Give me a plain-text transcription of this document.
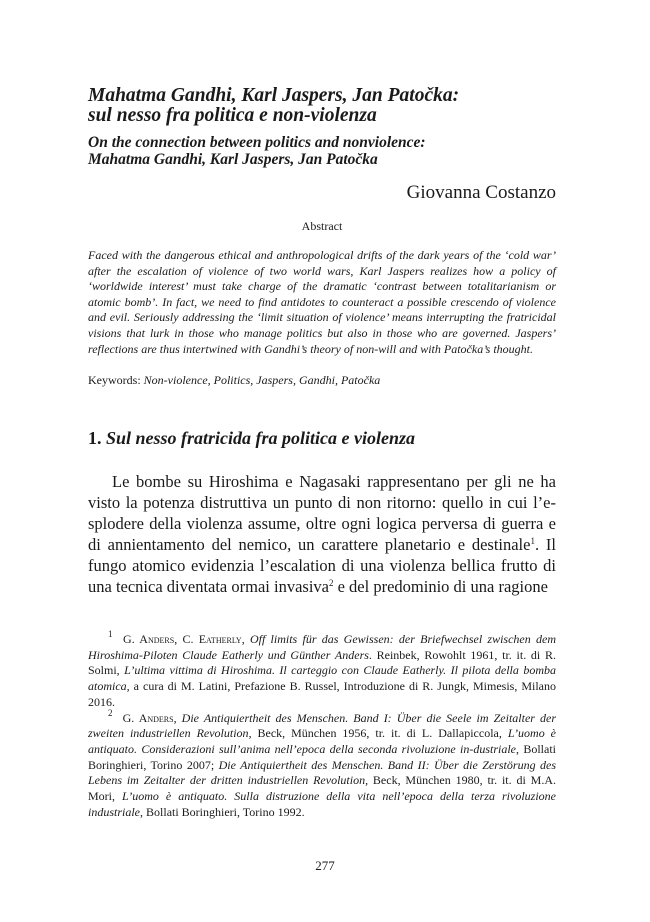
Mahatma Gandhi, Karl Jaspers, Jan Patočka:
sul nesso fra politica e non-violenza
On the connection between politics and nonviolence:
Mahatma Gandhi, Karl Jaspers, Jan Patočka
Giovanna Costanzo
Abstract

Faced with the dangerous ethical and anthropological drifts of the dark years of the ‘cold war’ after the escalation of violence of two world wars, Karl Jaspers realizes how a policy of ‘worldwide interest’ must take charge of the dramatic ‘contrast between totalitarianism or atomic bomb’. In fact, we need to find antidotes to counteract a possible crescendo of violence and evil. Seriously addressing the ‘limit situation of violence’ means interrupting the fratricidal visions that lurk in those who manage politics but also in those who are governed. Jaspers’ reflections are thus intertwined with Gandhi’s theory of non-will and with Patočka’s thought.

Keywords: Non-violence, Politics, Jaspers, Gandhi, Patočka

1. Sul nesso fratricida fra politica e violenza

Le bombe su Hiroshima e Nagasaki rappresentano per gli ne ha visto la potenza distruttiva un punto di non ritorno: quello in cui l’e-splodere della violenza assume, oltre ogni logica perversa di guerra e di annientamento del nemico, un carattere planetario e destinale$^1$. Il fungo atomico evidenzia l’escalation di una violenza bellica frutto di una tecnica diventata ormai invasiva$^2$ e del predominio di una ragione

$^1$ G. Anders, C. Eatherly, Off limits für das Gewissen: der Briefwechsel zwischen dem Hiroshima-Piloten Claude Eatherly und Günther Anders. Reinbek, Rowohlt 1961, tr. it. di R. Solmi, L’ultima vittima di Hiroshima. Il carteggio con Claude Eatherly. Il pilota della bomba atomica, a cura di M. Latini, Prefazione B. Russel, Introduzione di R. Jungk, Mimesis, Milano 2016.

$^2$ G. Anders, Die Antiquiertheit des Menschen. Band I: Über die Seele im Zeitalter der zweiten industriellen Revolution, Beck, München 1956, tr. it. di L. Dallapiccola, L’uomo è antiquato. Considerazioni sull’anima nell’epoca della seconda rivoluzione in-dustriale, Bollati Boringhieri, Torino 2007; Die Antiquiertheit des Menschen. Band II: Über die Zerstörung des Lebens im Zeitalter der dritten industriellen Revolution, Beck, München 1980, tr. it. di M.A. Mori, L’uomo è antiquato. Sulla distruzione della vita nell’epoca della terza rivoluzione industriale, Bollati Boringhieri, Torino 1992.

277
